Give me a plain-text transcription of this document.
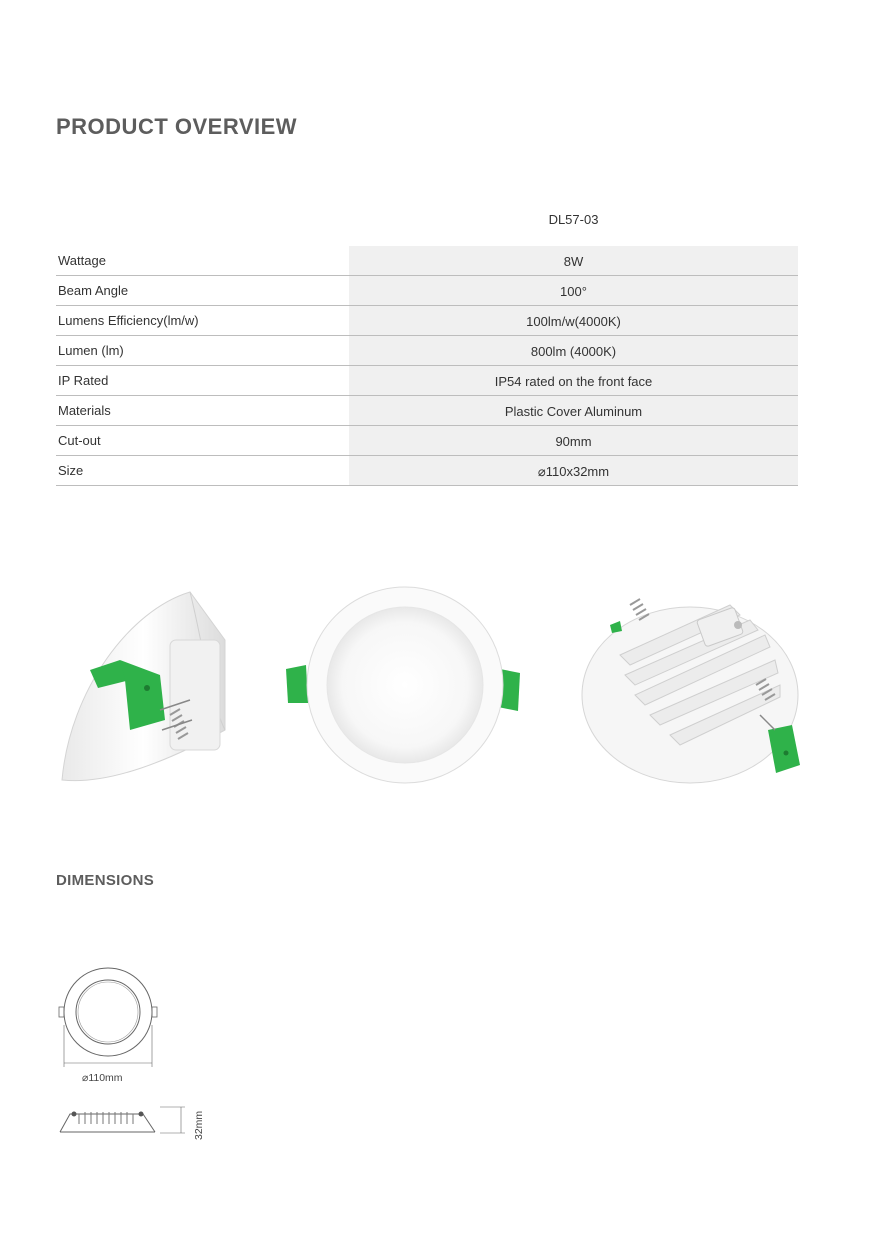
PRODUCT OVERVIEW
DL57-03
Wattage	8W
Beam Angle	100°
Lumens Efficiency(lm/w)	100lm/w(4000K)
Lumen (lm)	800lm (4000K)
IP Rated	IP54 rated on the front face
Materials	Plastic Cover Aluminum
Cut-out	90mm
Size	⌀110x32mm
DIMENSIONS
⌀110mm
32mm
